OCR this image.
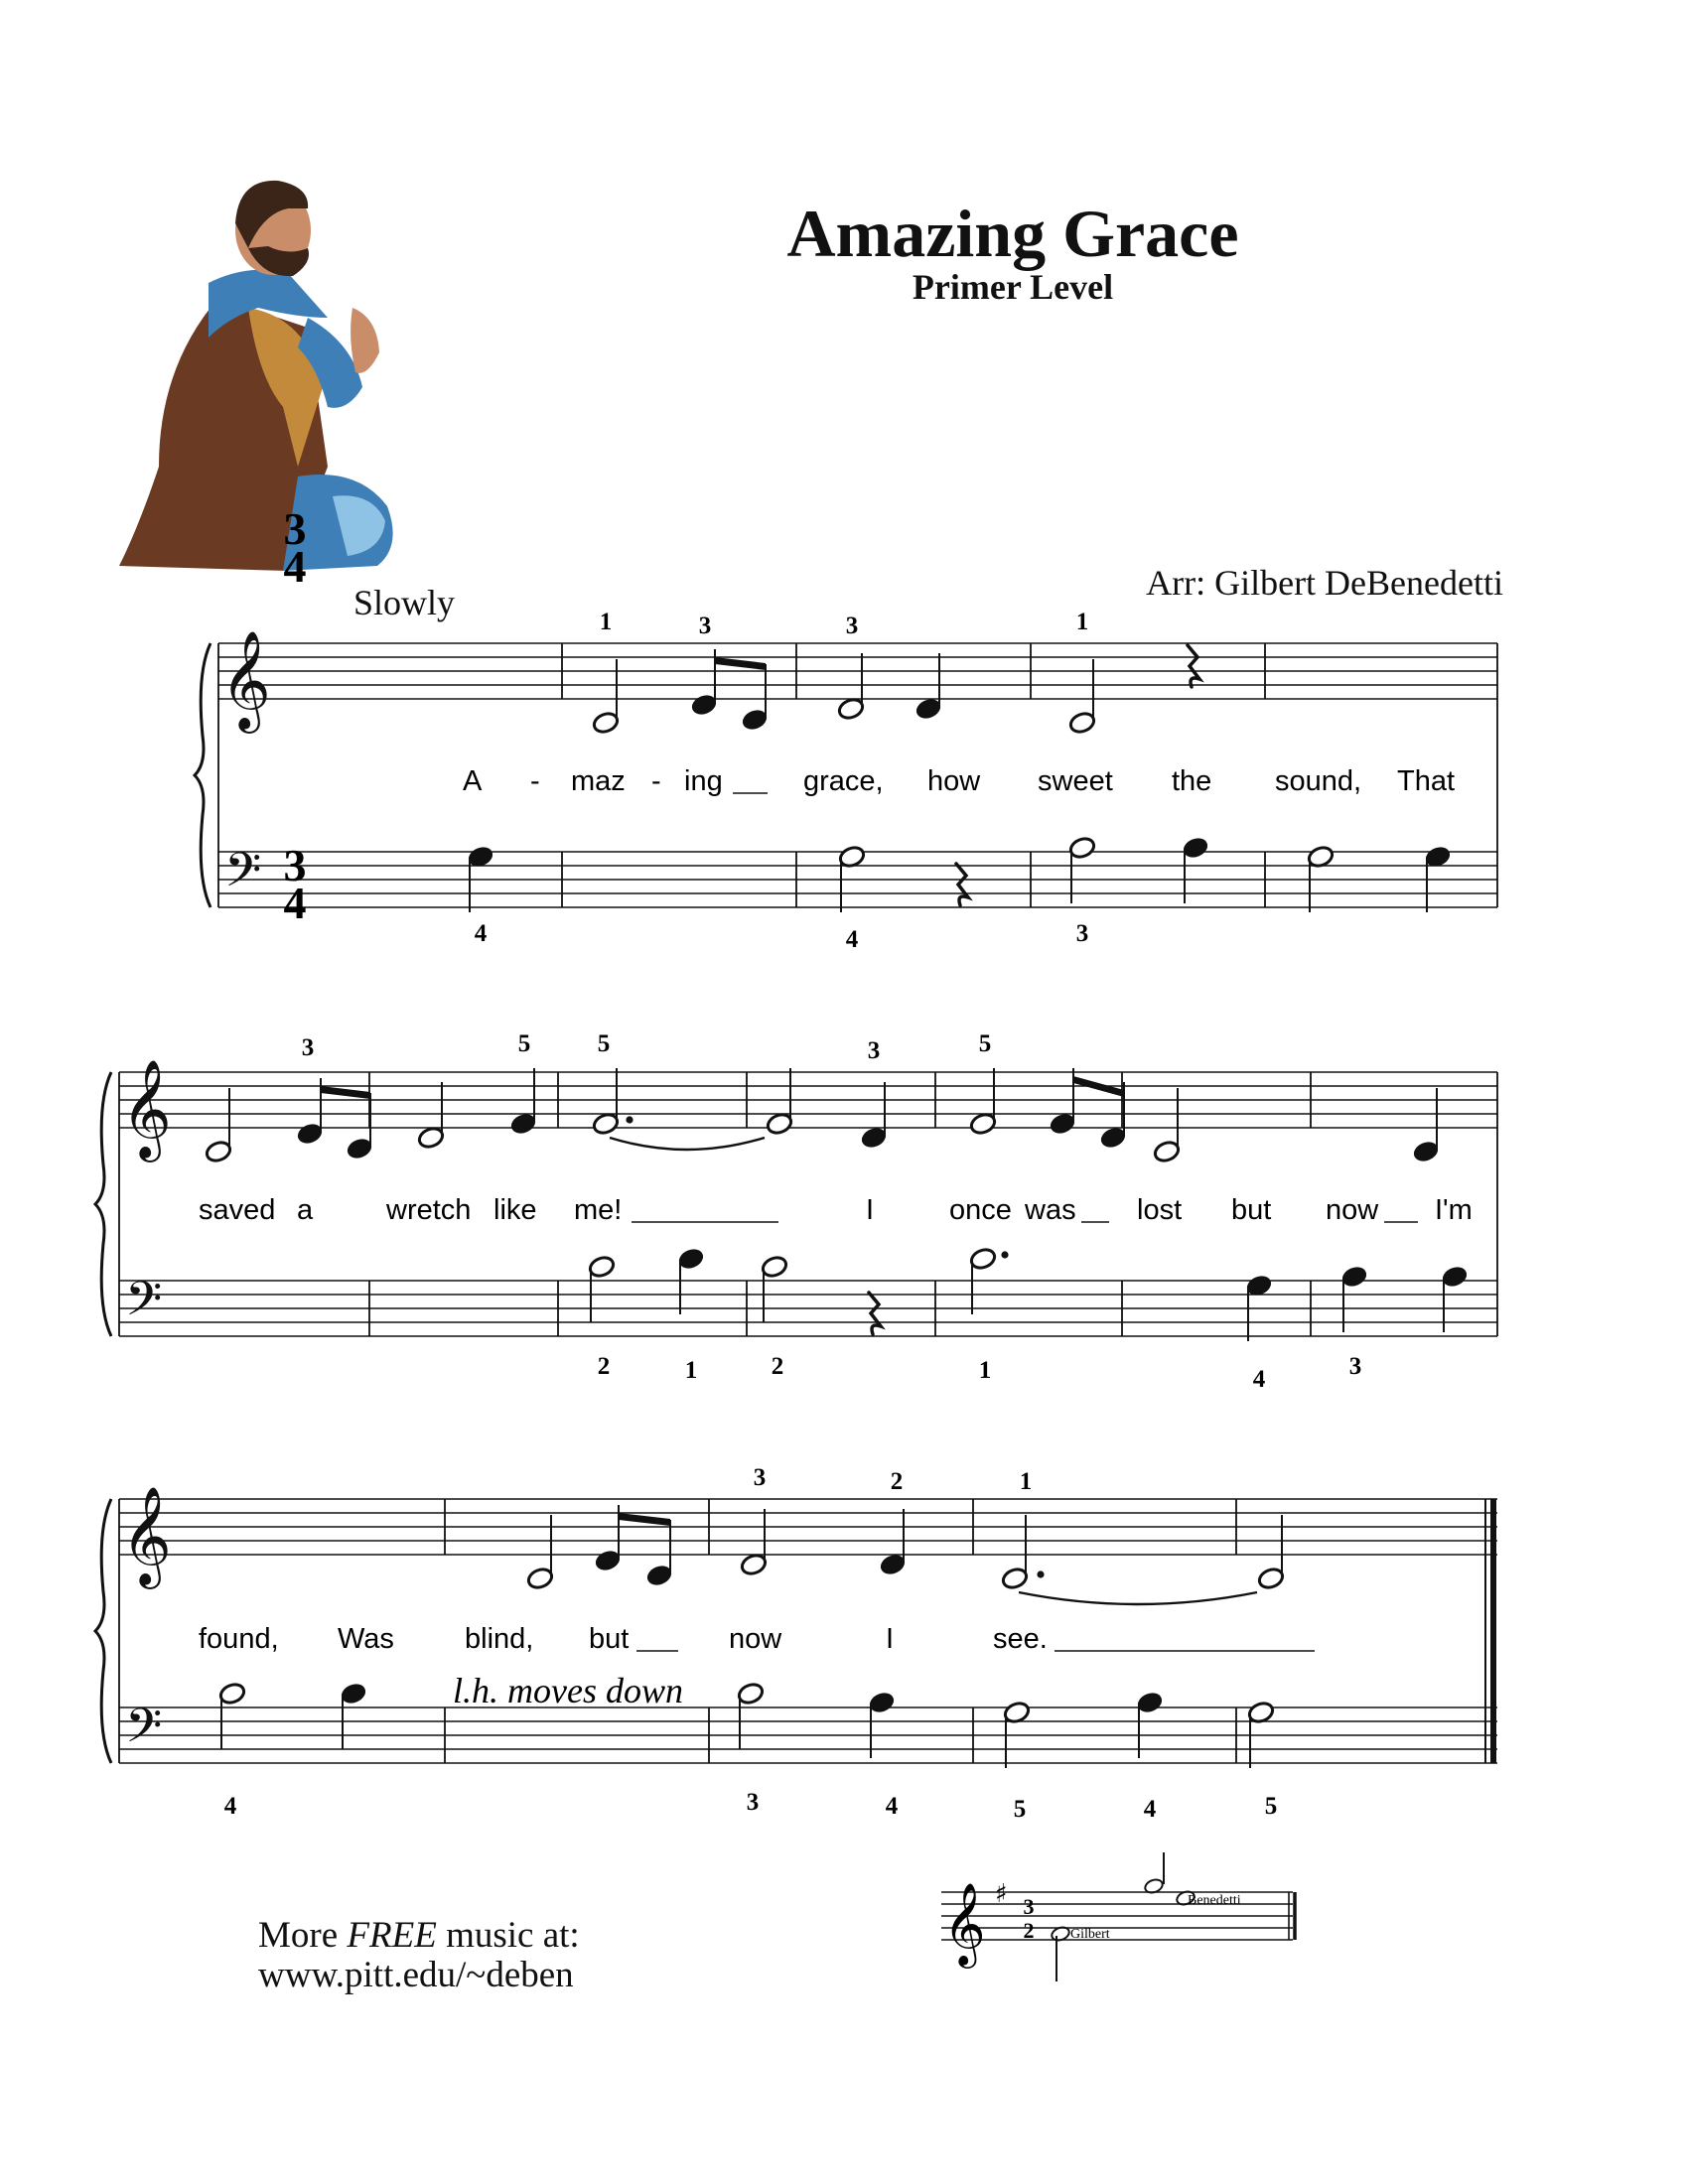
Amazing Grace
Primer Level
Arr: Gilbert DeBenedetti
Slowly
𝄞
𝄢
𝄞
𝄢
𝄞
𝄢
3
4
3
4
A - maz - ing	grace, how sweet the sound, That
1	3	3	1
4	4	3
saved a	wretch like me!	I	once was lost but now I'm
3	5	5	3	5
2	1	2	1	4	3
found, Was blind, but	now	I	see.
l.h. moves down
3	2	1
4	3	4	5	4	5
More FREE music at:
www.pitt.edu/~deben
𝄞 ♯ 3
2	Gilbert
Benedetti
